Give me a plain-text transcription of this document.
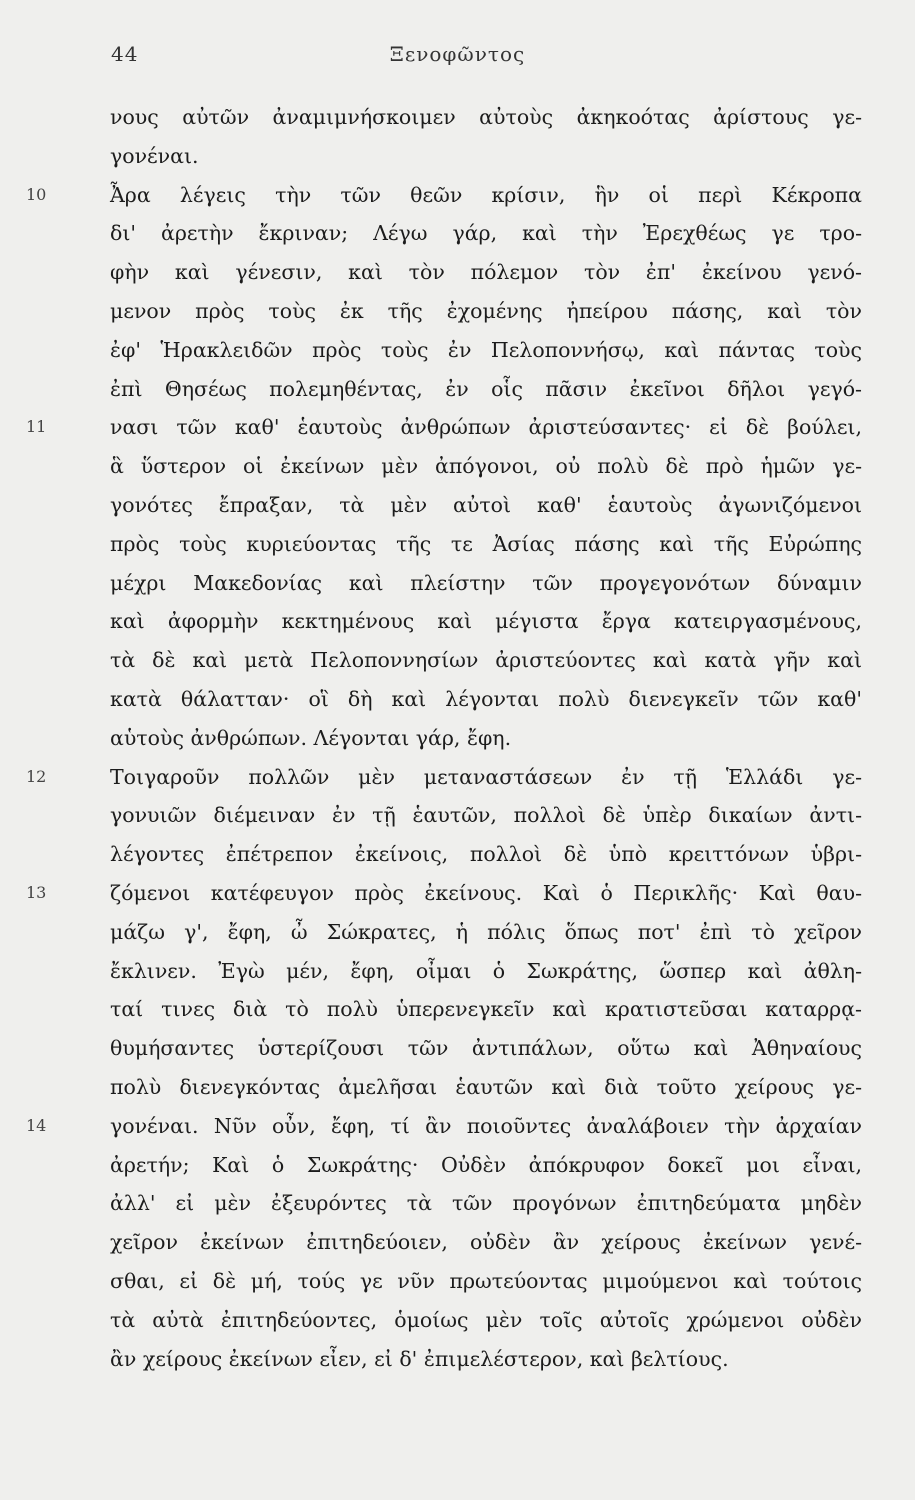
44	Ξενοφῶντος
νους αὐτῶν ἀναμιμνήσκοιμεν αὐτοὺς ἀκηκοότας ἀρίστους γε-
γονέναι.
10	Ἆρα λέγεις τὴν τῶν θεῶν κρίσιν, ἣν οἱ περὶ Κέκροπα
δι' ἀρετὴν ἔκριναν; Λέγω γάρ, καὶ τὴν Ἐρεχθέως γε τρο-
φὴν καὶ γένεσιν, καὶ τὸν πόλεμον τὸν ἐπ' ἐκείνου γενό-
μενον πρὸς τοὺς ἐκ τῆς ἐχομένης ἠπείρου πάσης, καὶ τὸν
ἐφ' Ἡρακλειδῶν πρὸς τοὺς ἐν Πελοποννήσῳ, καὶ πάντας τοὺς
ἐπὶ Θησέως πολεμηθέντας, ἐν οἷς πᾶσιν ἐκεῖνοι δῆλοι γεγό-
11	νασι τῶν καθ' ἑαυτοὺς ἀνθρώπων ἀριστεύσαντες· εἰ δὲ βούλει,
ἃ ὕστερον οἱ ἐκείνων μὲν ἀπόγονοι, οὐ πολὺ δὲ πρὸ ἡμῶν γε-
γονότες ἔπραξαν, τὰ μὲν αὐτοὶ καθ' ἑαυτοὺς ἀγωνιζόμενοι
πρὸς τοὺς κυριεύοντας τῆς τε Ἀσίας πάσης καὶ τῆς Εὐρώπης
μέχρι Μακεδονίας καὶ πλείστην τῶν προγεγονότων δύναμιν
καὶ ἀφορμὴν κεκτημένους καὶ μέγιστα ἔργα κατειργασμένους,
τὰ δὲ καὶ μετὰ Πελοποννησίων ἀριστεύοντες καὶ κατὰ γῆν καὶ
κατὰ θάλατταν· οἳ δὴ καὶ λέγονται πολὺ διενεγκεῖν τῶν καθ'
αὑτοὺς ἀνθρώπων. Λέγονται γάρ, ἔφη.
12	Τοιγαροῦν πολλῶν μὲν μεταναστάσεων ἐν τῇ Ἑλλάδι γε-
γονυιῶν διέμειναν ἐν τῇ ἑαυτῶν, πολλοὶ δὲ ὑπὲρ δικαίων ἀντι-
λέγοντες ἐπέτρεπον ἐκείνοις, πολλοὶ δὲ ὑπὸ κρειττόνων ὑβρι-
13	ζόμενοι κατέφευγον πρὸς ἐκείνους. Καὶ ὁ Περικλῆς· Καὶ θαυ-
μάζω γ', ἔφη, ὦ Σώκρατες, ἡ πόλις ὅπως ποτ' ἐπὶ τὸ χεῖρον
ἔκλινεν. Ἐγὼ μέν, ἔφη, οἶμαι ὁ Σωκράτης, ὥσπερ καὶ ἀθλη-
ταί τινες διὰ τὸ πολὺ ὑπερενεγκεῖν καὶ κρατιστεῦσαι καταρρᾳ-
θυμήσαντες ὑστερίζουσι τῶν ἀντιπάλων, οὕτω καὶ Ἀθηναίους
πολὺ διενεγκόντας ἀμελῆσαι ἑαυτῶν καὶ διὰ τοῦτο χείρους γε-
14	γονέναι. Νῦν οὖν, ἔφη, τί ἂν ποιοῦντες ἀναλάβοιεν τὴν ἀρχαίαν
ἀρετήν; Καὶ ὁ Σωκράτης· Οὐδὲν ἀπόκρυφον δοκεῖ μοι εἶναι,
ἀλλ' εἰ μὲν ἐξευρόντες τὰ τῶν προγόνων ἐπιτηδεύματα μηδὲν
χεῖρον ἐκείνων ἐπιτηδεύοιεν, οὐδὲν ἂν χείρους ἐκείνων γενέ-
σθαι, εἰ δὲ μή, τούς γε νῦν πρωτεύοντας μιμούμενοι καὶ τούτοις
τὰ αὐτὰ ἐπιτηδεύοντες, ὁμοίως μὲν τοῖς αὐτοῖς χρώμενοι οὐδὲν
ἂν χείρους ἐκείνων εἶεν, εἰ δ' ἐπιμελέστερον, καὶ βελτίους.
